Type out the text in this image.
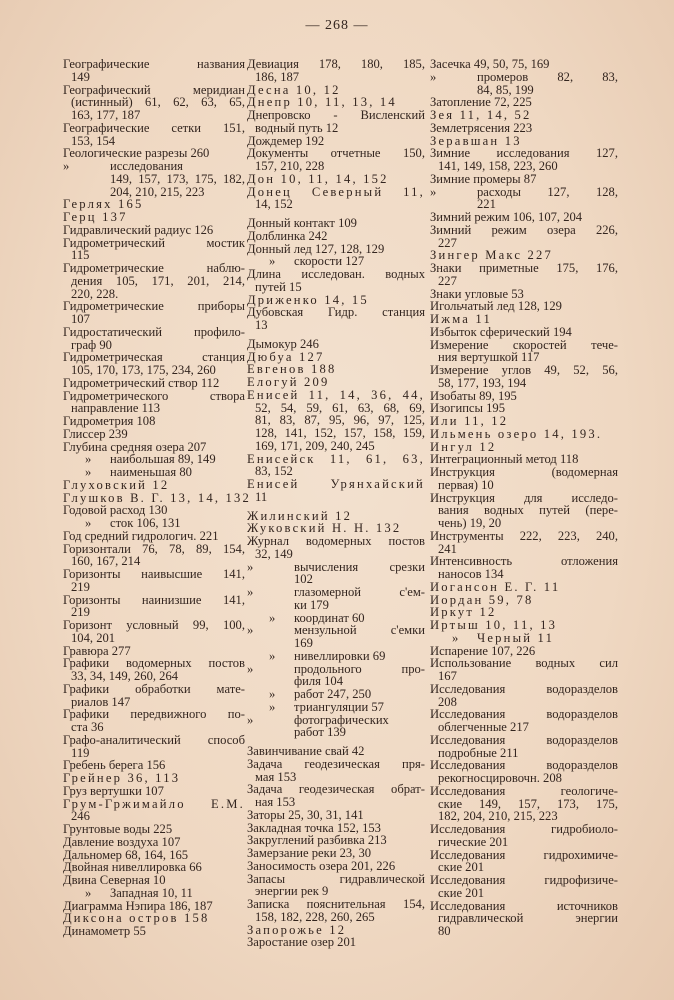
— 268 —
Географические названия
149
Географический меридиан
(истинный) 61, 62, 63, 65,
163, 177, 187
Географические сетки 151,
153, 154
Геологические разрезы 260
»	исследования
149, 157, 173, 175, 182,
204, 210, 215, 223
Герлях 165
Герц 137
Гидравлический радиус 126
Гидрометрический мостик
115
Гидрометрические наблю-
дения 105, 171, 201, 214,
220, 228.
Гидрометрические приборы
107
Гидростатический профило-
граф 90
Гидрометрическая станция
105, 170, 173, 175, 234, 260
Гидрометрический створ 112
Гидрометрического створа
направление 113
Гидрометрия 108
Глиссер 239
Глубина средняя озера 207
»	наибольшая 89, 149
»	наименьшая 80
Глуховский 12
Глушков В. Г. 13, 14, 132
Годовой расход 130
»	сток 106, 131
Год средний гидрологич. 221
Горизонтали 76, 78, 89, 154,
160, 167, 214
Горизонты наивысшие 141,
219
Горизонты наинизшие 141,
219
Горизонт условный 99, 100,
104, 201
Гравюра 277
Графики водомерных постов
33, 34, 149, 260, 264
Графики обработки мате-
риалов 147
Графики передвижного по-
ста 36
Графо-аналитический способ
119
Гребень берега 156
Грейнер 36, 113
Груз вертушки 107
Грум-Гржимайло Е.М.
246
Грунтовые воды 225
Давление воздуха 107
Дальномер 68, 164, 165
Двойная нивеллировка 66
Двина Северная 10
»	Западная 10, 11
Диаграмма Нэпира 186, 187
Диксона остров 158
Динамометр 55
Девиация 178, 180, 185,
186, 187
Десна 10, 12
Днепр 10, 11, 13, 14
Днепровско - Висленский
водный путь 12
Дождемер 192
Документы отчетные 150,
157, 210, 228
Дон 10, 11, 14, 152
Донец Северный 11,
14, 152
Донный контакт 109
Долблинка 242
Донный лед 127, 128, 129
»	скорости 127
Длина исследован. водных
путей 15
Дриженко 14, 15
Дубовская Гидр. станция
13
Дымокур 246
Дюбуа 127
Евгенов 188
Елогуй 209
Енисей 11, 14, 36, 44,
52, 54, 59, 61, 63, 68, 69,
81, 83, 87, 95, 96, 97, 125,
128, 141, 152, 157, 158, 159,
169, 171, 209, 240, 245
Енисейск 11, 61, 63,
83, 152
Енисей Урянхайский
11
Жилинский 12
Жуковский Н. Н. 132
Журнал водомерных постов
32, 149
»	вычисления срезки
102
»	глазомерной с'ем-
ки 179
»	координат 60
»	мензульной с'емки
169
»	нивеллировки 69
»	продольного про-
филя 104
»	работ 247, 250
»	триангуляции 57
»	фотографических
работ 139
Завинчивание свай 42
Задача геодезическая пря-
мая 153
Задача геодезическая обрат-
ная 153
Заторы 25, 30, 31, 141
Закладная точка 152, 153
Закруглений разбивка 213
Замерзание реки 23, 30
Заносимость озера 201, 226
Запасы гидравлической
энергии рек 9
Записка пояснительная 154,
158, 182, 228, 260, 265
Запорожье 12
Заростание озер 201
Засечка 49, 50, 75, 169
»	промеров 82, 83,
84, 85, 199
Затопление 72, 225
Зея 11, 14, 52
Землетрясения 223
Зеравшан 13
Зимние исследования 127,
141, 149, 158, 223, 260
Зимние промеры 87
»	расходы 127, 128,
221
Зимний режим 106, 107, 204
Зимний режим озера 226,
227
Зингер Макс 227
Знаки приметные 175, 176,
227
Знаки угловые 53
Игольчатый лед 128, 129
Ижма 11
Избыток сферический 194
Измерение скоростей тече-
ния вертушкой 117
Измерение углов 49, 52, 56,
58, 177, 193, 194
Изобаты 89, 195
Изогипсы 195
Или 11, 12
Ильмень озеро 14, 193.
Ингул 12
Интеграционный метод 118
Инструкция (водомерная
первая) 10
Инструкция для исследо-
вания водных путей (пере-
чень) 19, 20
Инструменты 222, 223, 240,
241
Интенсивность отложения
наносов 134
Иогансон Е. Г. 11
Иордан 59, 78
Иркут 12
Иртыш 10, 11, 13
»	Черный 11
Испарение 107, 226
Использование водных сил
167
Исследования водоразделов
208
Исследования водоразделов
облегченные 217
Исследования водоразделов
подробные 211
Исследования водоразделов
рекогносцировочн. 208
Исследования геологиче-
ские 149, 157, 173, 175,
182, 204, 210, 215, 223
Исследования гидробиоло-
гические 201
Исследования гидрохимиче-
ские 201
Исследования гидрофизиче-
ские 201
Исследования источников
гидравлической энергии
80
